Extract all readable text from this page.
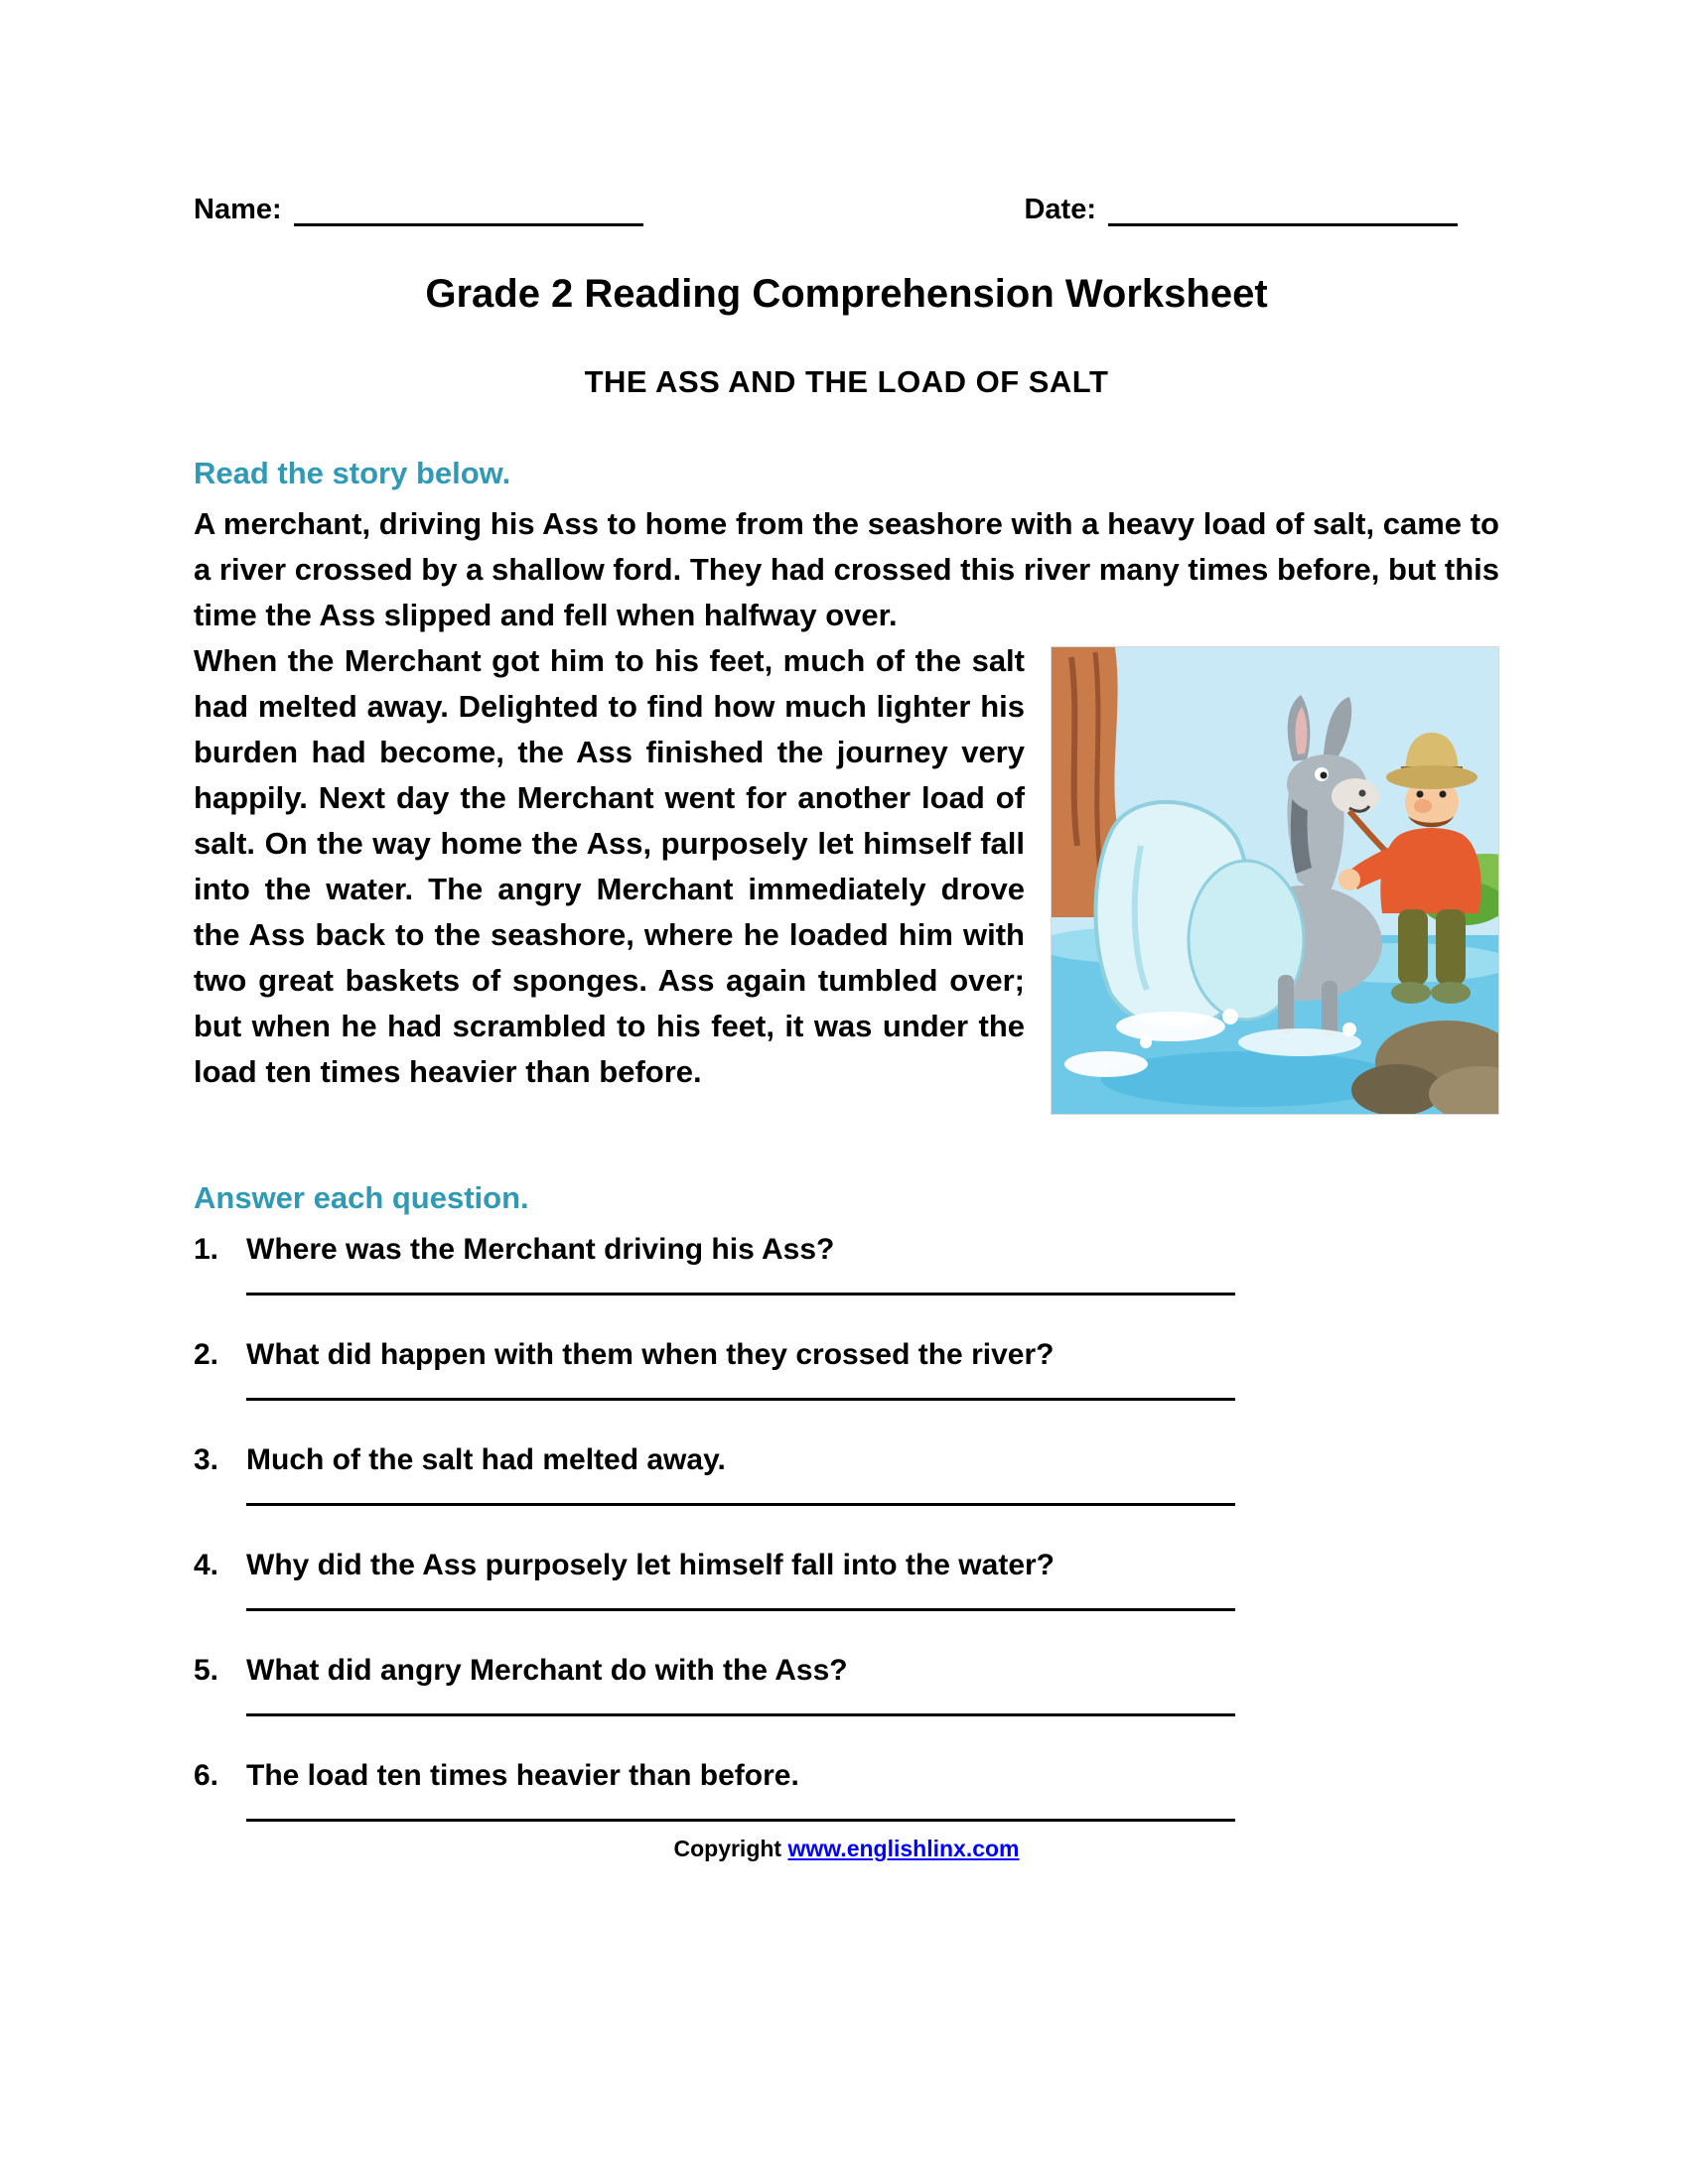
Name:	Date:
Grade 2 Reading Comprehension Worksheet
THE ASS AND THE LOAD OF SALT
Read the story below.

A merchant, driving his Ass to home from the seashore with a heavy load of salt, came to a river crossed by a shallow ford. They had crossed this river many times before, but this time the Ass slipped and fell when halfway over.

When the Merchant got him to his feet, much of the salt had melted away. Delighted to find how much lighter his burden had become, the Ass finished the journey very happily. Next day the Merchant went for another load of salt. On the way home the Ass, purposely let himself fall into the water. The angry Merchant immediately drove the Ass back to the seashore, where he loaded him with two great baskets of sponges. Ass again tumbled over; but when he had scrambled to his feet, it was under the load ten times heavier than before.

Answer each question.
1. Where was the Merchant driving his Ass?
2. What did happen with them when they crossed the river?
3. Much of the salt had melted away.
4. Why did the Ass purposely let himself fall into the water?
5. What did angry Merchant do with the Ass?
6. The load ten times heavier than before.
Copyright www.englishlinx.com
